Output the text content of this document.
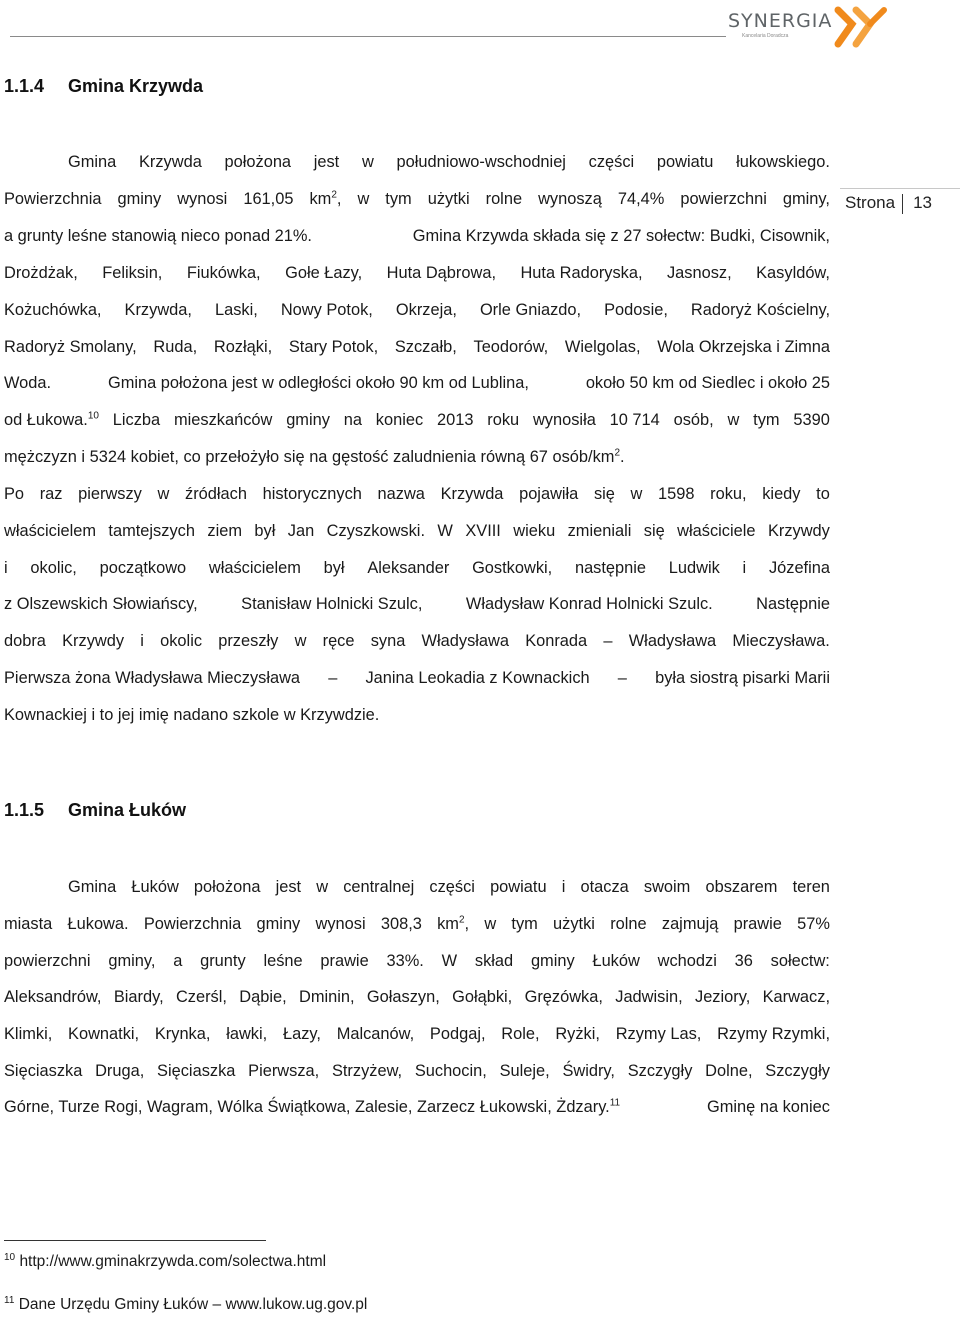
SYNERGIA
Kancelaria Doradcza
Strona 13
1.1.4 Gmina Krzywda
Gmina Krzywda położona jest w południowo-wschodniej części powiatu łukowskiego.
Powierzchnia gminy wynosi 161,05 $km^2$, w tym użytki rolne wynoszą 74,4% powierzchni gminy,
a grunty leśne stanowią nieco ponad 21%.	Gmina Krzywda składa się z 27 sołectw: Budki, Cisownik,
Drożdżak, Feliksin, Fiukówka, Gołe Łazy, Huta Dąbrowa, Huta Radoryska, Jasnosz, Kasyldów,
Kożuchówka, Krzywda, Laski, Nowy Potok, Okrzeja, Orle Gniazdo, Podosie, Radoryż Kościelny,
Radoryż Smolany, Ruda, Rozłąki, Stary Potok, Szczałb, Teodorów, Wielgolas, Wola Okrzejska i Zimna
Woda.	Gmina położona jest w odległości około 90 km od Lublina,	około 50 km od Siedlec i około 25
od Łukowa.$^{10}$ Liczba mieszkańców gminy na koniec 2013 roku wynosiła 10 714 osób, w tym 5390
mężczyzn i 5324 kobiet, co przełożyło się na gęstość zaludnienia równą 67 osób/$km^2$.
Po raz pierwszy w źródłach historycznych nazwa Krzywda pojawiła się w 1598 roku, kiedy to
właścicielem tamtejszych ziem był Jan Czyszkowski. W XVIII wieku zmieniali się właściciele Krzywdy
i okolic, początkowo właścicielem był Aleksander Gostkowki, następnie Ludwik i Józefina
z Olszewskich Słowiańscy,	Stanisław Holnicki Szulc,	Władysław Konrad Holnicki Szulc.	Następnie
dobra Krzywdy i okolic przeszły w ręce syna Władysława Konrada – Władysława Mieczysława.
Pierwsza żona Władysława Mieczysława – Janina Leokadia z Kownackich – była siostrą pisarki Marii
Kownackiej i to jej imię nadano szkole w Krzywdzie.
1.1.5 Gmina Łuków
Gmina Łuków położona jest w centralnej części powiatu i otacza swoim obszarem teren
miasta Łukowa. Powierzchnia gminy wynosi 308,3 $km^2$, w tym użytki rolne zajmują prawie 57%
powierzchni gminy, a grunty leśne prawie 33%. W skład gminy Łuków wchodzi 36 sołectw:
Aleksandrów, Biardy, Czerśl, Dąbie, Dminin, Gołaszyn, Gołąbki, Gręzówka, Jadwisin, Jeziory, Karwacz,
Klimki, Kownatki, Krynka, ławki, Łazy, Malcanów, Podgaj, Role, Ryżki, Rzymy Las, Rzymy Rzymki,
Sięciaszka Druga, Sięciaszka Pierwsza, Strzyżew, Suchocin, Suleje, Świdry, Szczygły Dolne, Szczygły
Górne, Turze Rogi, Wagram, Wólka Świątkowa, Zalesie, Zarzecz Łukowski, Żdzary.$^{11}$	Gminę na koniec
$^{10}$ http://www.gminakrzywda.com/solectwa.html
$^{11}$ Dane Urzędu Gminy Łuków – www.lukow.ug.gov.pl
